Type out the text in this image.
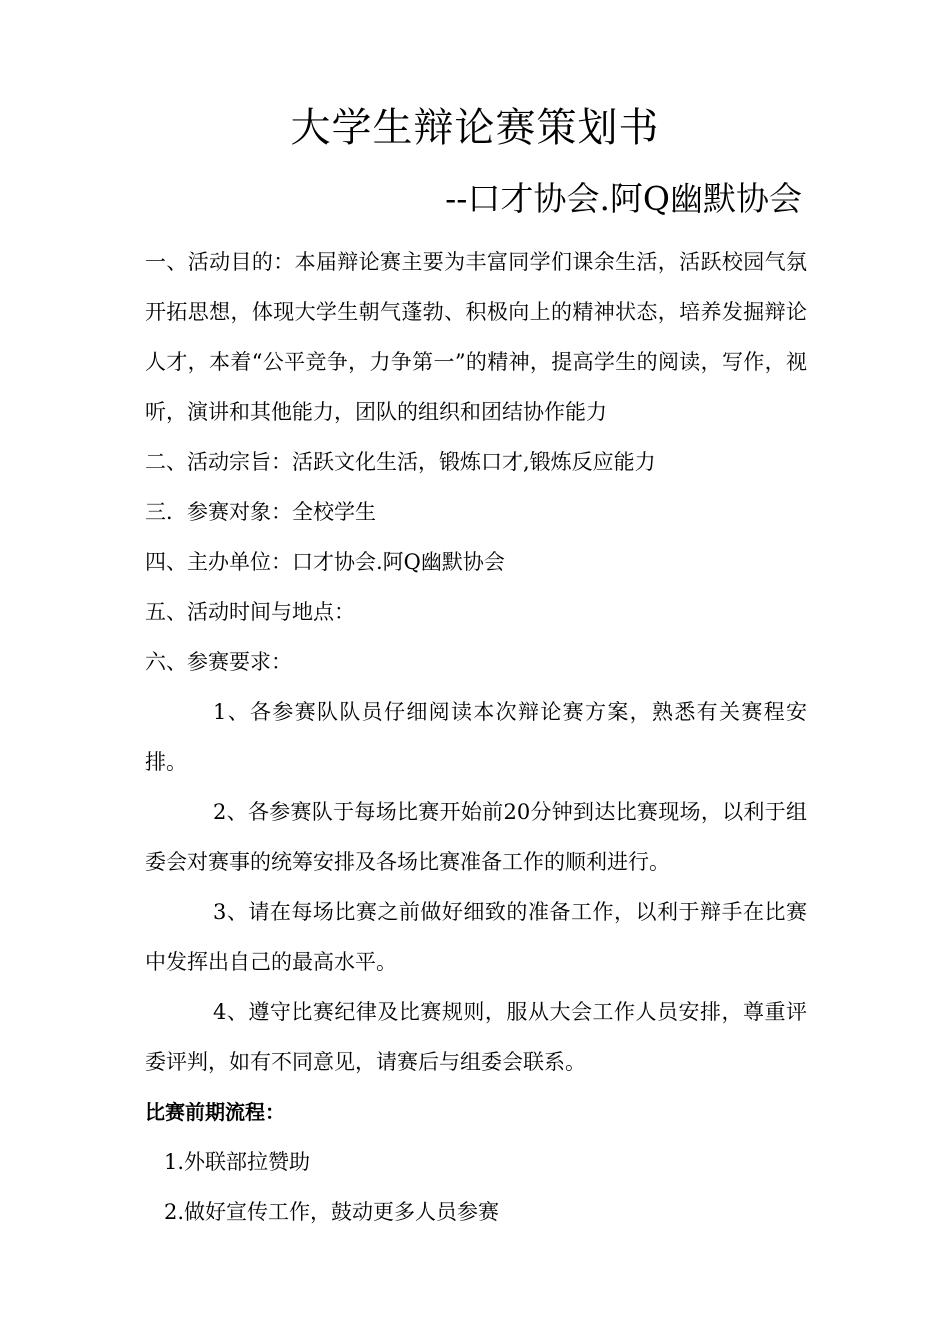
大学生辩论赛策划书

--口才协会.阿Q幽默协会

一、活动目的：本届辩论赛主要为丰富同学们课余生活，活跃校园气氛开拓思想，体现大学生朝气蓬勃、积极向上的精神状态，培养发掘辩论人才，本着“公平竞争，力争第一”的精神，提高学生的阅读，写作，视听，演讲和其他能力，团队的组织和团结协作能力

二、活动宗旨：活跃文化生活，锻炼口才,锻炼反应能力

三．参赛对象：全校学生

四、主办单位：口才协会.阿Q幽默协会

五、活动时间与地点：

六、参赛要求：

1、各参赛队队员仔细阅读本次辩论赛方案，熟悉有关赛程安排。

2、各参赛队于每场比赛开始前20分钟到达比赛现场，以利于组委会对赛事的统筹安排及各场比赛准备工作的顺利进行。

3、请在每场比赛之前做好细致的准备工作，以利于辩手在比赛中发挥出自己的最高水平。

4、遵守比赛纪律及比赛规则，服从大会工作人员安排，尊重评委评判，如有不同意见，请赛后与组委会联系。

比赛前期流程：

1.外联部拉赞助

2.做好宣传工作，鼓动更多人员参赛
